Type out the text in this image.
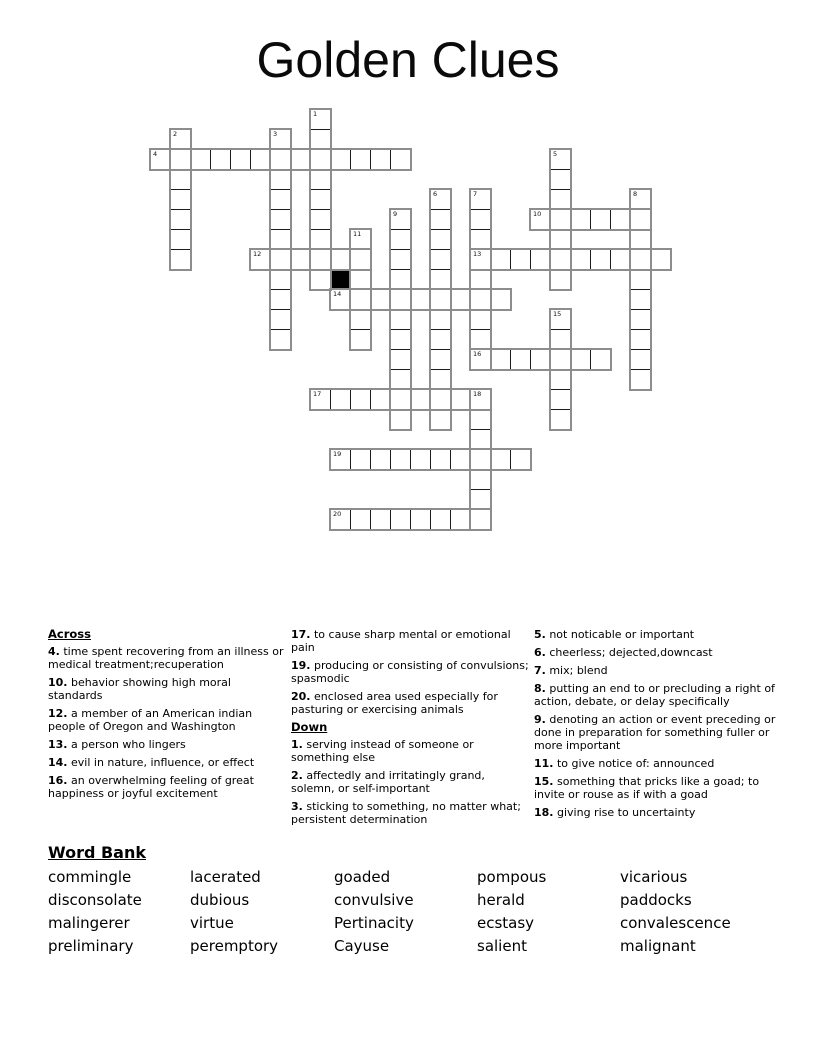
Golden Clues
1
2	3
4	5
6	7	8
9	10
11
12	13
14
15
16
17	18
19
20
Across
4. time spent recovering from an illness or medical treatment;recuperation
10. behavior showing high moral standards
12. a member of an American indian people of Oregon and Washington
13. a person who lingers
14. evil in nature, influence, or effect
16. an overwhelming feeling of great happiness or joyful excitement
17. to cause sharp mental or emotional pain
19. producing or consisting of convulsions; spasmodic
20. enclosed area used especially for pasturing or exercising animals
Down
1. serving instead of someone or something else
2. affectedly and irritatingly grand, solemn, or self-important
3. sticking to something, no matter what; persistent determination
5. not noticable or important
6. cheerless; dejected,downcast
7. mix; blend
8. putting an end to or precluding a right of action, debate, or delay specifically
9. denoting an action or event preceding or done in preparation for something fuller or more important
11. to give notice of: announced
15. something that pricks like a goad; to invite or rouse as if with a goad
18. giving rise to uncertainty
Word Bank
commingle
disconsolate
malingerer
preliminary
lacerated
dubious
virtue
peremptory
goaded
convulsive
Pertinacity
Cayuse
pompous
herald
ecstasy
salient
vicarious
paddocks
convalescence
malignant
